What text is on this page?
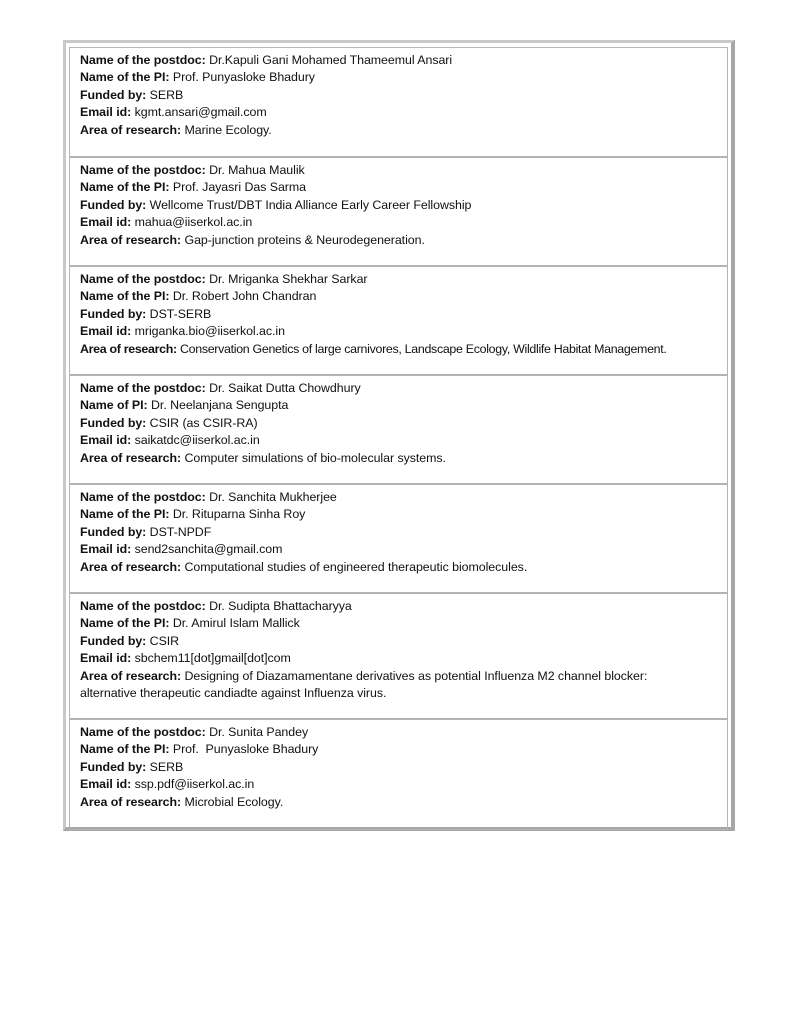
Name of the postdoc: Dr.Kapuli Gani Mohamed Thameemul Ansari
Name of the PI: Prof. Punyasloke Bhadury
Funded by: SERB
Email id: kgmt.ansari@gmail.com
Area of research: Marine Ecology.
Name of the postdoc: Dr. Mahua Maulik
Name of the PI: Prof. Jayasri Das Sarma
Funded by: Wellcome Trust/DBT India Alliance Early Career Fellowship
Email id: mahua@iiserkol.ac.in
Area of research: Gap-junction proteins & Neurodegeneration.
Name of the postdoc: Dr. Mriganka Shekhar Sarkar
Name of the PI: Dr. Robert John Chandran
Funded by: DST-SERB
Email id: mriganka.bio@iiserkol.ac.in
Area of research: Conservation Genetics of large carnivores, Landscape Ecology, Wildlife Habitat Management.
Name of the postdoc: Dr. Saikat Dutta Chowdhury
Name of PI: Dr. Neelanjana Sengupta
Funded by: CSIR (as CSIR-RA)
Email id: saikatdc@iiserkol.ac.in
Area of research: Computer simulations of bio-molecular systems.
Name of the postdoc: Dr. Sanchita Mukherjee
Name of the PI: Dr. Rituparna Sinha Roy
Funded by: DST-NPDF
Email id: send2sanchita@gmail.com
Area of research: Computational studies of engineered therapeutic biomolecules.
Name of the postdoc: Dr. Sudipta Bhattacharyya
Name of the PI: Dr. Amirul Islam Mallick
Funded by: CSIR
Email id: sbchem11[dot]gmail[dot]com
Area of research: Designing of Diazamamentane derivatives as potential Influenza M2 channel blocker: alternative therapeutic candiadte against Influenza virus.
Name of the postdoc: Dr. Sunita Pandey
Name of the PI: Prof.  Punyasloke Bhadury
Funded by: SERB
Email id: ssp.pdf@iiserkol.ac.in
Area of research: Microbial Ecology.
